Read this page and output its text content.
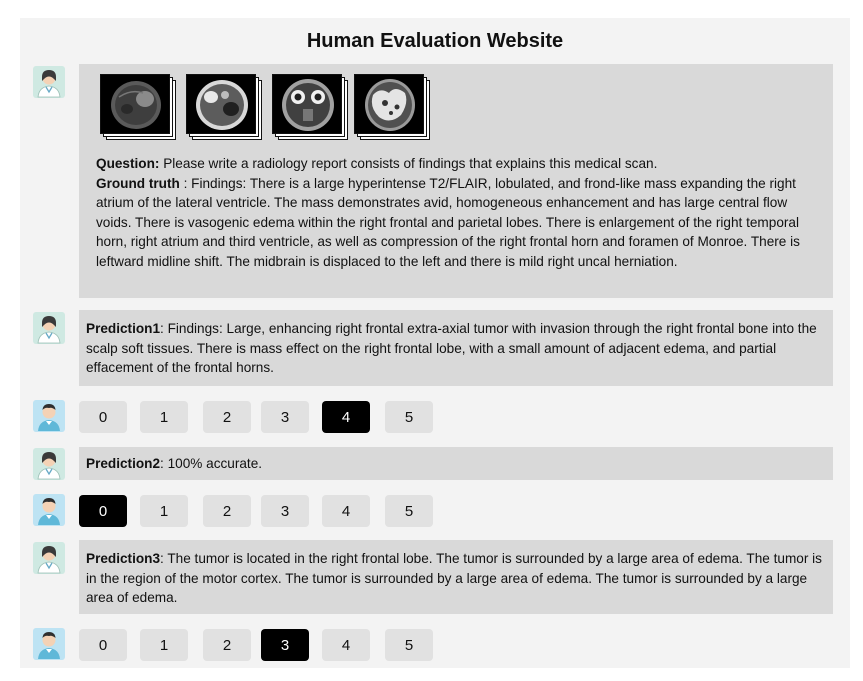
Human Evaluation Website
Question: Please write a radiology report consists of findings that explains this medical scan.
Ground truth : Findings: There is a large hyperintense T2/FLAIR, lobulated, and frond-like mass expanding the right atrium of the lateral ventricle. The mass demonstrates avid, homogeneous enhancement and has large central flow voids. There is vasogenic edema within the right frontal and parietal lobes. There is enlargement of the right temporal horn, right atrium and third ventricle, as well as compression of the right frontal horn and foramen of Monroe. There is leftward midline shift. The midbrain is displaced to the left and there is mild right uncal herniation.
Prediction1: Findings: Large, enhancing right frontal extra-axial tumor with invasion through the right frontal bone into the scalp soft tissues. There is mass effect on the right frontal lobe, with a small amount of adjacent edema, and partial effacement of the frontal horns.
0	1	2	3	4	5
Prediction2: 100% accurate.
0	1	2	3	4	5
Prediction3: The tumor is located in the right frontal lobe. The tumor is surrounded by a large area of edema. The tumor is in the region of the motor cortex. The tumor is surrounded by a large area of edema. The tumor is surrounded by a large area of edema.
0	1	2	3	4	5
